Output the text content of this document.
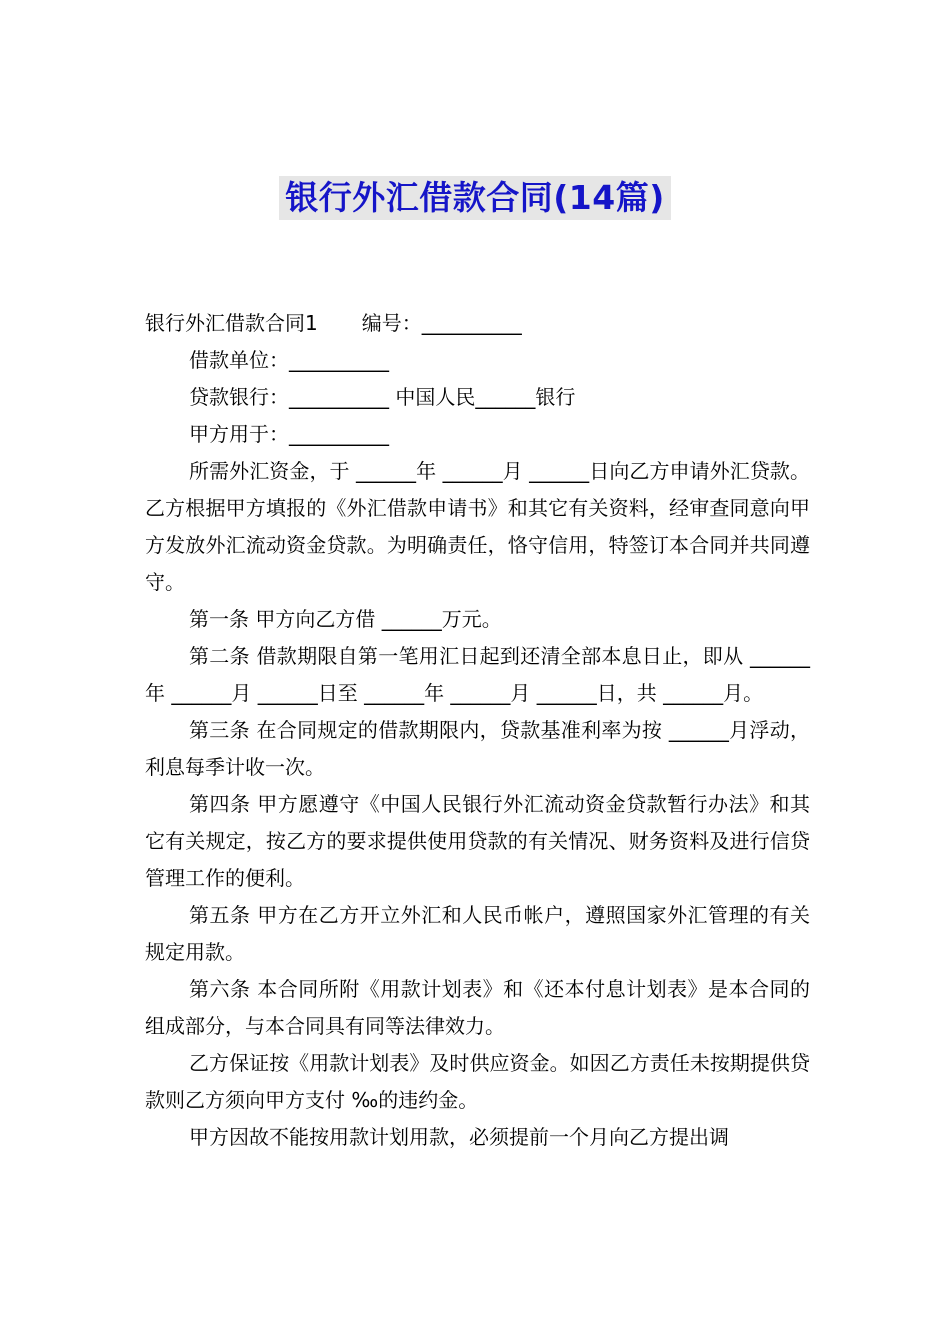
银行外汇借款合同(14篇)

银行外汇借款合同1 编号：__________

借款单位：__________

贷款银行：__________ 中国人民______银行

甲方用于：__________

所需外汇资金，于 ______年 ______月 ______日向乙方申请外汇贷款。乙方根据甲方填报的《外汇借款申请书》和其它有关资料，经审查同意向甲方发放外汇流动资金贷款。为明确责任，恪守信用，特签订本合同并共同遵守。

第一条 甲方向乙方借 ______万元。

第二条 借款期限自第一笔用汇日起到还清全部本息日止，即从 ______年 ______月 ______日至 ______年 ______月 ______日，共 ______月。

第三条 在合同规定的借款期限内，贷款基准利率为按 ______月浮动，利息每季计收一次。

第四条 甲方愿遵守《中国人民银行外汇流动资金贷款暂行办法》和其它有关规定，按乙方的要求提供使用贷款的有关情况、财务资料及进行信贷管理工作的便利。

第五条 甲方在乙方开立外汇和人民币帐户，遵照国家外汇管理的有关规定用款。

第六条 本合同所附《用款计划表》和《还本付息计划表》是本合同的组成部分，与本合同具有同等法律效力。

乙方保证按《用款计划表》及时供应资金。如因乙方责任未按期提供贷款则乙方须向甲方支付 ‰的违约金。

甲方因故不能按用款计划用款，必须提前一个月向乙方提出调
